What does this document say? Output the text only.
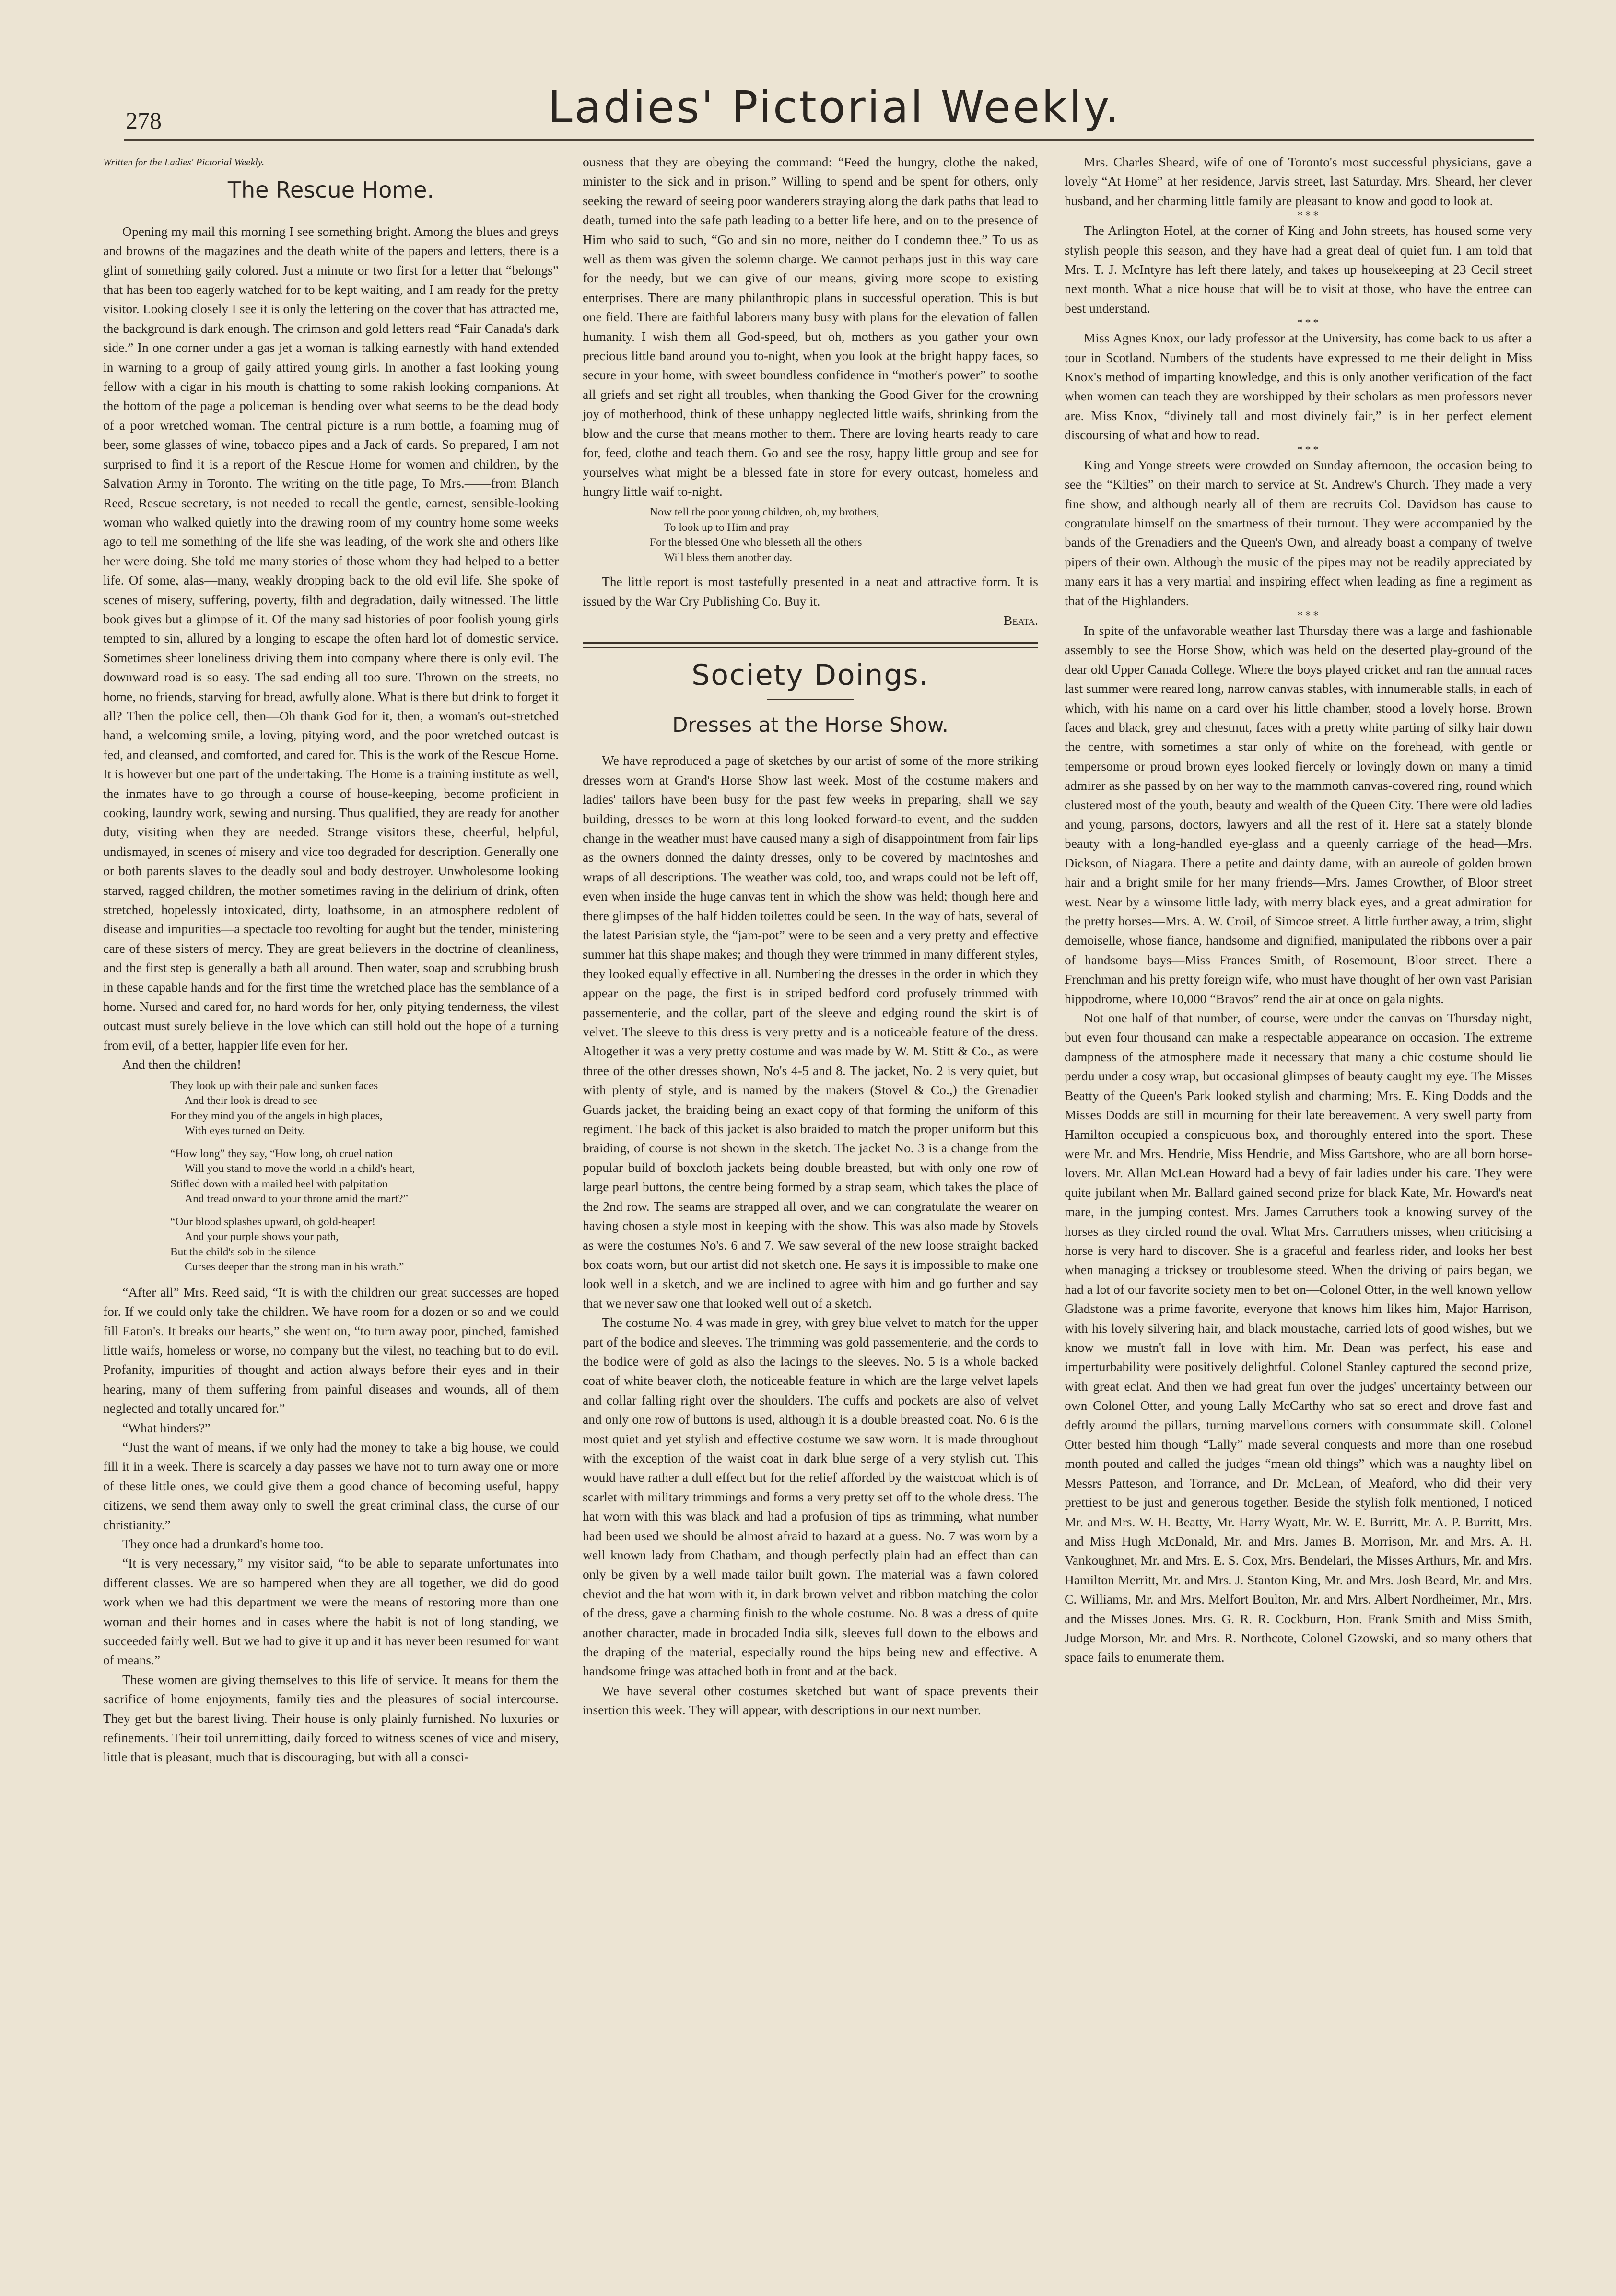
278	Ladies' Pictorial Weekly.

Written for the Ladies' Pictorial Weekly.

The Rescue Home.

Opening my mail this morning I see something bright. Among the blues and greys and browns of the magazines and the death white of the papers and letters, there is a glint of something gaily colored. Just a minute or two first for a letter that “belongs” that has been too eagerly watched for to be kept waiting, and I am ready for the pretty visitor. Looking closely I see it is only the lettering on the cover that has attracted me, the background is dark enough. The crimson and gold letters read “Fair Canada's dark side.” In one corner under a gas jet a woman is talking earnestly with hand extended in warning to a group of gaily attired young girls. In another a fast looking young fellow with a cigar in his mouth is chatting to some rakish looking companions. At the bottom of the page a policeman is bending over what seems to be the dead body of a poor wretched woman. The central picture is a rum bottle, a foaming mug of beer, some glasses of wine, tobacco pipes and a Jack of cards. So prepared, I am not surprised to find it is a report of the Rescue Home for women and children, by the Salvation Army in Toronto. The writing on the title page, To Mrs.——from Blanch Reed, Rescue secretary, is not needed to recall the gentle, earnest, sensible-looking woman who walked quietly into the drawing room of my country home some weeks ago to tell me something of the life she was leading, of the work she and others like her were doing. She told me many stories of those whom they had helped to a better life. Of some, alas—many, weakly dropping back to the old evil life. She spoke of scenes of misery, suffering, poverty, filth and degradation, daily witnessed. The little book gives but a glimpse of it. Of the many sad histories of poor foolish young girls tempted to sin, allured by a longing to escape the often hard lot of domestic service. Sometimes sheer loneliness driving them into company where there is only evil. The downward road is so easy. The sad ending all too sure. Thrown on the streets, no home, no friends, starving for bread, awfully alone. What is there but drink to forget it all? Then the police cell, then—Oh thank God for it, then, a woman's out-stretched hand, a welcoming smile, a loving, pitying word, and the poor wretched outcast is fed, and cleansed, and comforted, and cared for. This is the work of the Rescue Home. It is however but one part of the undertaking. The Home is a training institute as well, the inmates have to go through a course of house-keeping, become proficient in cooking, laundry work, sewing and nursing. Thus qualified, they are ready for another duty, visiting when they are needed. Strange visitors these, cheerful, helpful, undismayed, in scenes of misery and vice too degraded for description. Generally one or both parents slaves to the deadly soul and body destroyer. Unwholesome looking starved, ragged children, the mother sometimes raving in the delirium of drink, often stretched, hopelessly intoxicated, dirty, loathsome, in an atmosphere redolent of disease and impurities—a spectacle too revolting for aught but the tender, ministering care of these sisters of mercy. They are great believers in the doctrine of cleanliness, and the first step is generally a bath all around. Then water, soap and scrubbing brush in these capable hands and for the first time the wretched place has the semblance of a home. Nursed and cared for, no hard words for her, only pitying tenderness, the vilest outcast must surely believe in the love which can still hold out the hope of a turning from evil, of a better, happier life even for her.

And then the children!

They look up with their pale and sunken faces
And their look is dread to see
For they mind you of the angels in high places,
With eyes turned on Deity.
“How long” they say, “How long, oh cruel nation
Will you stand to move the world in a child's heart,
Stifled down with a mailed heel with palpitation
And tread onward to your throne amid the mart?”
“Our blood splashes upward, oh gold-heaper!
And your purple shows your path,
But the child's sob in the silence
Curses deeper than the strong man in his wrath.”

“After all” Mrs. Reed said, “It is with the children our great successes are hoped for. If we could only take the children. We have room for a dozen or so and we could fill Eaton's. It breaks our hearts,” she went on, “to turn away poor, pinched, famished little waifs, homeless or worse, no company but the vilest, no teaching but to do evil. Profanity, impurities of thought and action always before their eyes and in their hearing, many of them suffering from painful diseases and wounds, all of them neglected and totally uncared for.”

“What hinders?”

“Just the want of means, if we only had the money to take a big house, we could fill it in a week. There is scarcely a day passes we have not to turn away one or more of these little ones, we could give them a good chance of becoming useful, happy citizens, we send them away only to swell the great criminal class, the curse of our christianity.”

They once had a drunkard's home too.

“It is very necessary,” my visitor said, “to be able to separate unfortunates into different classes. We are so hampered when they are all together, we did do good work when we had this department we were the means of restoring more than one woman and their homes and in cases where the habit is not of long standing, we succeeded fairly well. But we had to give it up and it has never been resumed for want of means.”

These women are giving themselves to this life of service. It means for them the sacrifice of home enjoyments, family ties and the pleasures of social intercourse. They get but the barest living. Their house is only plainly furnished. No luxuries or refinements. Their toil unremitting, daily forced to witness scenes of vice and misery, little that is pleasant, much that is discouraging, but with all a consci-

ousness that they are obeying the command: “Feed the hungry, clothe the naked, minister to the sick and in prison.” Willing to spend and be spent for others, only seeking the reward of seeing poor wanderers straying along the dark paths that lead to death, turned into the safe path leading to a better life here, and on to the presence of Him who said to such, “Go and sin no more, neither do I condemn thee.” To us as well as them was given the solemn charge. We cannot perhaps just in this way care for the needy, but we can give of our means, giving more scope to existing enterprises. There are many philanthropic plans in successful operation. This is but one field. There are faithful laborers many busy with plans for the elevation of fallen humanity. I wish them all God-speed, but oh, mothers as you gather your own precious little band around you to-night, when you look at the bright happy faces, so secure in your home, with sweet boundless confidence in “mother's power” to soothe all griefs and set right all troubles, when thanking the Good Giver for the crowning joy of motherhood, think of these unhappy neglected little waifs, shrinking from the blow and the curse that means mother to them. There are loving hearts ready to care for, feed, clothe and teach them. Go and see the rosy, happy little group and see for yourselves what might be a blessed fate in store for every outcast, homeless and hungry little waif to-night.

Now tell the poor young children, oh, my brothers,
To look up to Him and pray
For the blessed One who blesseth all the others
Will bless them another day.

The little report is most tastefully presented in a neat and attractive form. It is issued by the War Cry Publishing Co. Buy it.

Beata.

Society Doings.
Dresses at the Horse Show.

We have reproduced a page of sketches by our artist of some of the more striking dresses worn at Grand's Horse Show last week. Most of the costume makers and ladies' tailors have been busy for the past few weeks in preparing, shall we say building, dresses to be worn at this long looked forward-to event, and the sudden change in the weather must have caused many a sigh of disappointment from fair lips as the owners donned the dainty dresses, only to be covered by macintoshes and wraps of all descriptions. The weather was cold, too, and wraps could not be left off, even when inside the huge canvas tent in which the show was held; though here and there glimpses of the half hidden toilettes could be seen. In the way of hats, several of the latest Parisian style, the “jam-pot” were to be seen and a very pretty and effective summer hat this shape makes; and though they were trimmed in many different styles, they looked equally effective in all. Numbering the dresses in the order in which they appear on the page, the first is in striped bedford cord profusely trimmed with passementerie, and the collar, part of the sleeve and edging round the skirt is of velvet. The sleeve to this dress is very pretty and is a noticeable feature of the dress. Altogether it was a very pretty costume and was made by W. M. Stitt & Co., as were three of the other dresses shown, No's 4-5 and 8. The jacket, No. 2 is very quiet, but with plenty of style, and is named by the makers (Stovel & Co.,) the Grenadier Guards jacket, the braiding being an exact copy of that forming the uniform of this regiment. The back of this jacket is also braided to match the proper uniform but this braiding, of course is not shown in the sketch. The jacket No. 3 is a change from the popular build of boxcloth jackets being double breasted, but with only one row of large pearl buttons, the centre being formed by a strap seam, which takes the place of the 2nd row. The seams are strapped all over, and we can congratulate the wearer on having chosen a style most in keeping with the show. This was also made by Stovels as were the costumes No's. 6 and 7. We saw several of the new loose straight backed box coats worn, but our artist did not sketch one. He says it is impossible to make one look well in a sketch, and we are inclined to agree with him and go further and say that we never saw one that looked well out of a sketch.

The costume No. 4 was made in grey, with grey blue velvet to match for the upper part of the bodice and sleeves. The trimming was gold passementerie, and the cords to the bodice were of gold as also the lacings to the sleeves. No. 5 is a whole backed coat of white beaver cloth, the noticeable feature in which are the large velvet lapels and collar falling right over the shoulders. The cuffs and pockets are also of velvet and only one row of buttons is used, although it is a double breasted coat. No. 6 is the most quiet and yet stylish and effective costume we saw worn. It is made throughout with the exception of the waist coat in dark blue serge of a very stylish cut. This would have rather a dull effect but for the relief afforded by the waistcoat which is of scarlet with military trimmings and forms a very pretty set off to the whole dress. The hat worn with this was black and had a profusion of tips as trimming, what number had been used we should be almost afraid to hazard at a guess. No. 7 was worn by a well known lady from Chatham, and though perfectly plain had an effect than can only be given by a well made tailor built gown. The material was a fawn colored cheviot and the hat worn with it, in dark brown velvet and ribbon matching the color of the dress, gave a charming finish to the whole costume. No. 8 was a dress of quite another character, made in brocaded India silk, sleeves full down to the elbows and the draping of the material, especially round the hips being new and effective. A handsome fringe was attached both in front and at the back.

We have several other costumes sketched but want of space prevents their insertion this week. They will appear, with descriptions in our next number.

Mrs. Charles Sheard, wife of one of Toronto's most successful physicians, gave a lovely “At Home” at her residence, Jarvis street, last Saturday. Mrs. Sheard, her clever husband, and her charming little family are pleasant to know and good to look at.

* * *

The Arlington Hotel, at the corner of King and John streets, has housed some very stylish people this season, and they have had a great deal of quiet fun. I am told that Mrs. T. J. McIntyre has left there lately, and takes up housekeeping at 23 Cecil street next month. What a nice house that will be to visit at those, who have the entree can best understand.

* * *

Miss Agnes Knox, our lady professor at the University, has come back to us after a tour in Scotland. Numbers of the students have expressed to me their delight in Miss Knox's method of imparting knowledge, and this is only another verification of the fact when women can teach they are worshipped by their scholars as men professors never are. Miss Knox, “divinely tall and most divinely fair,” is in her perfect element discoursing of what and how to read.

* * *

King and Yonge streets were crowded on Sunday afternoon, the occasion being to see the “Kilties” on their march to service at St. Andrew's Church. They made a very fine show, and although nearly all of them are recruits Col. Davidson has cause to congratulate himself on the smartness of their turnout. They were accompanied by the bands of the Grenadiers and the Queen's Own, and already boast a company of twelve pipers of their own. Although the music of the pipes may not be readily appreciated by many ears it has a very martial and inspiring effect when leading as fine a regiment as that of the Highlanders.

* * *

In spite of the unfavorable weather last Thursday there was a large and fashionable assembly to see the Horse Show, which was held on the deserted play-ground of the dear old Upper Canada College. Where the boys played cricket and ran the annual races last summer were reared long, narrow canvas stables, with innumerable stalls, in each of which, with his name on a card over his little chamber, stood a lovely horse. Brown faces and black, grey and chestnut, faces with a pretty white parting of silky hair down the centre, with sometimes a star only of white on the forehead, with gentle or tempersome or proud brown eyes looked fiercely or lovingly down on many a timid admirer as she passed by on her way to the mammoth canvas-covered ring, round which clustered most of the youth, beauty and wealth of the Queen City. There were old ladies and young, parsons, doctors, lawyers and all the rest of it. Here sat a stately blonde beauty with a long-handled eye-glass and a queenly carriage of the head—Mrs. Dickson, of Niagara. There a petite and dainty dame, with an aureole of golden brown hair and a bright smile for her many friends—Mrs. James Crowther, of Bloor street west. Near by a winsome little lady, with merry black eyes, and a great admiration for the pretty horses—Mrs. A. W. Croil, of Simcoe street. A little further away, a trim, slight demoiselle, whose fiance, handsome and dignified, manipulated the ribbons over a pair of handsome bays—Miss Frances Smith, of Rosemount, Bloor street. There a Frenchman and his pretty foreign wife, who must have thought of her own vast Parisian hippodrome, where 10,000 “Bravos” rend the air at once on gala nights.

Not one half of that number, of course, were under the canvas on Thursday night, but even four thousand can make a respectable appearance on occasion. The extreme dampness of the atmosphere made it necessary that many a chic costume should lie perdu under a cosy wrap, but occasional glimpses of beauty caught my eye. The Misses Beatty of the Queen's Park looked stylish and charming; Mrs. E. King Dodds and the Misses Dodds are still in mourning for their late bereavement. A very swell party from Hamilton occupied a conspicuous box, and thoroughly entered into the sport. These were Mr. and Mrs. Hendrie, Miss Hendrie, and Miss Gartshore, who are all born horse-lovers. Mr. Allan McLean Howard had a bevy of fair ladies under his care. They were quite jubilant when Mr. Ballard gained second prize for black Kate, Mr. Howard's neat mare, in the jumping contest. Mrs. James Carruthers took a knowing survey of the horses as they circled round the oval. What Mrs. Carruthers misses, when criticising a horse is very hard to discover. She is a graceful and fearless rider, and looks her best when managing a tricksey or troublesome steed. When the driving of pairs began, we had a lot of our favorite society men to bet on—Colonel Otter, in the well known yellow Gladstone was a prime favorite, everyone that knows him likes him, Major Harrison, with his lovely silvering hair, and black moustache, carried lots of good wishes, but we know we mustn't fall in love with him. Mr. Dean was perfect, his ease and imperturbability were positively delightful. Colonel Stanley captured the second prize, with great eclat. And then we had great fun over the judges' uncertainty between our own Colonel Otter, and young Lally McCarthy who sat so erect and drove fast and deftly around the pillars, turning marvellous corners with consummate skill. Colonel Otter bested him though “Lally” made several conquests and more than one rosebud month pouted and called the judges “mean old things” which was a naughty libel on Messrs Patteson, and Torrance, and Dr. McLean, of Meaford, who did their very prettiest to be just and generous together. Beside the stylish folk mentioned, I noticed Mr. and Mrs. W. H. Beatty, Mr. Harry Wyatt, Mr. W. E. Burritt, Mr. A. P. Burritt, Mrs. and Miss Hugh McDonald, Mr. and Mrs. James B. Morrison, Mr. and Mrs. A. H. Vankoughnet, Mr. and Mrs. E. S. Cox, Mrs. Bendelari, the Misses Arthurs, Mr. and Mrs. Hamilton Merritt, Mr. and Mrs. J. Stanton King, Mr. and Mrs. Josh Beard, Mr. and Mrs. C. Williams, Mr. and Mrs. Melfort Boulton, Mr. and Mrs. Albert Nordheimer, Mr., Mrs. and the Misses Jones. Mrs. G. R. R. Cockburn, Hon. Frank Smith and Miss Smith, Judge Morson, Mr. and Mrs. R. Northcote, Colonel Gzowski, and so many others that space fails to enumerate them.
